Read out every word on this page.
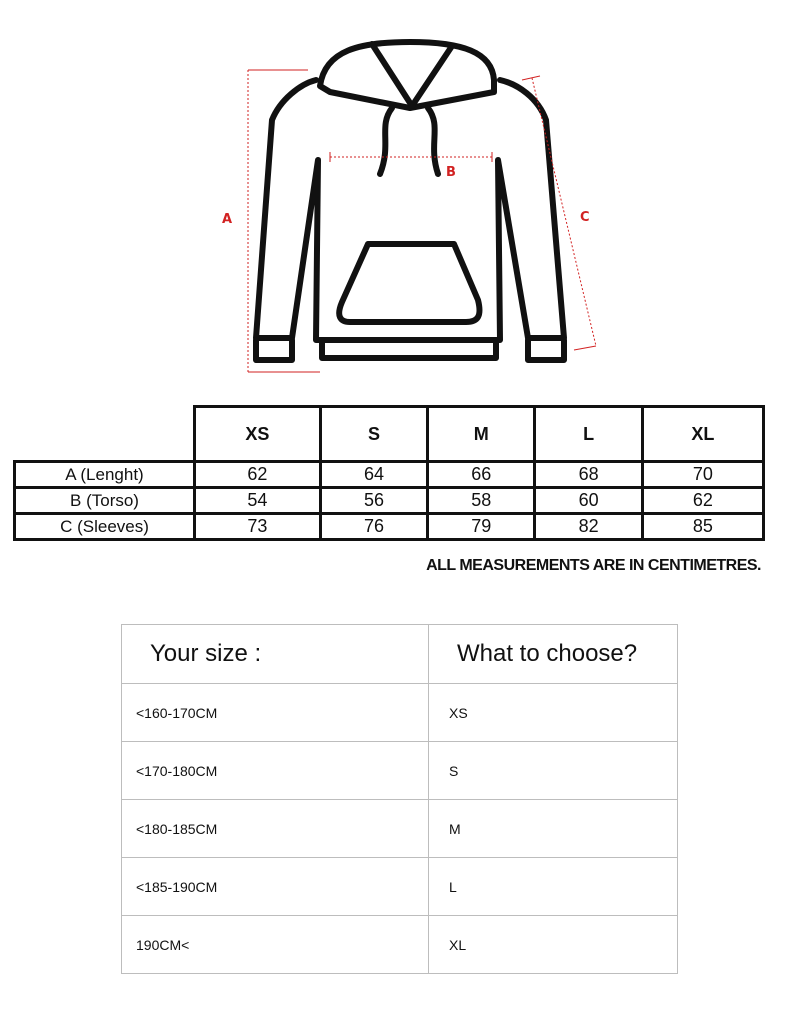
A
B
C
	XS	S	M	L	XL
A (Lenght)	62	64	66	68	70
B (Torso)	54	56	58	60	62
C (Sleeves)	73	76	79	82	85
ALL MEASUREMENTS ARE IN CENTIMETRES.
Your size :	What to choose?
<160-170CM	XS
<170-180CM	S
<180-185CM	M
<185-190CM	L
190CM<	XL
